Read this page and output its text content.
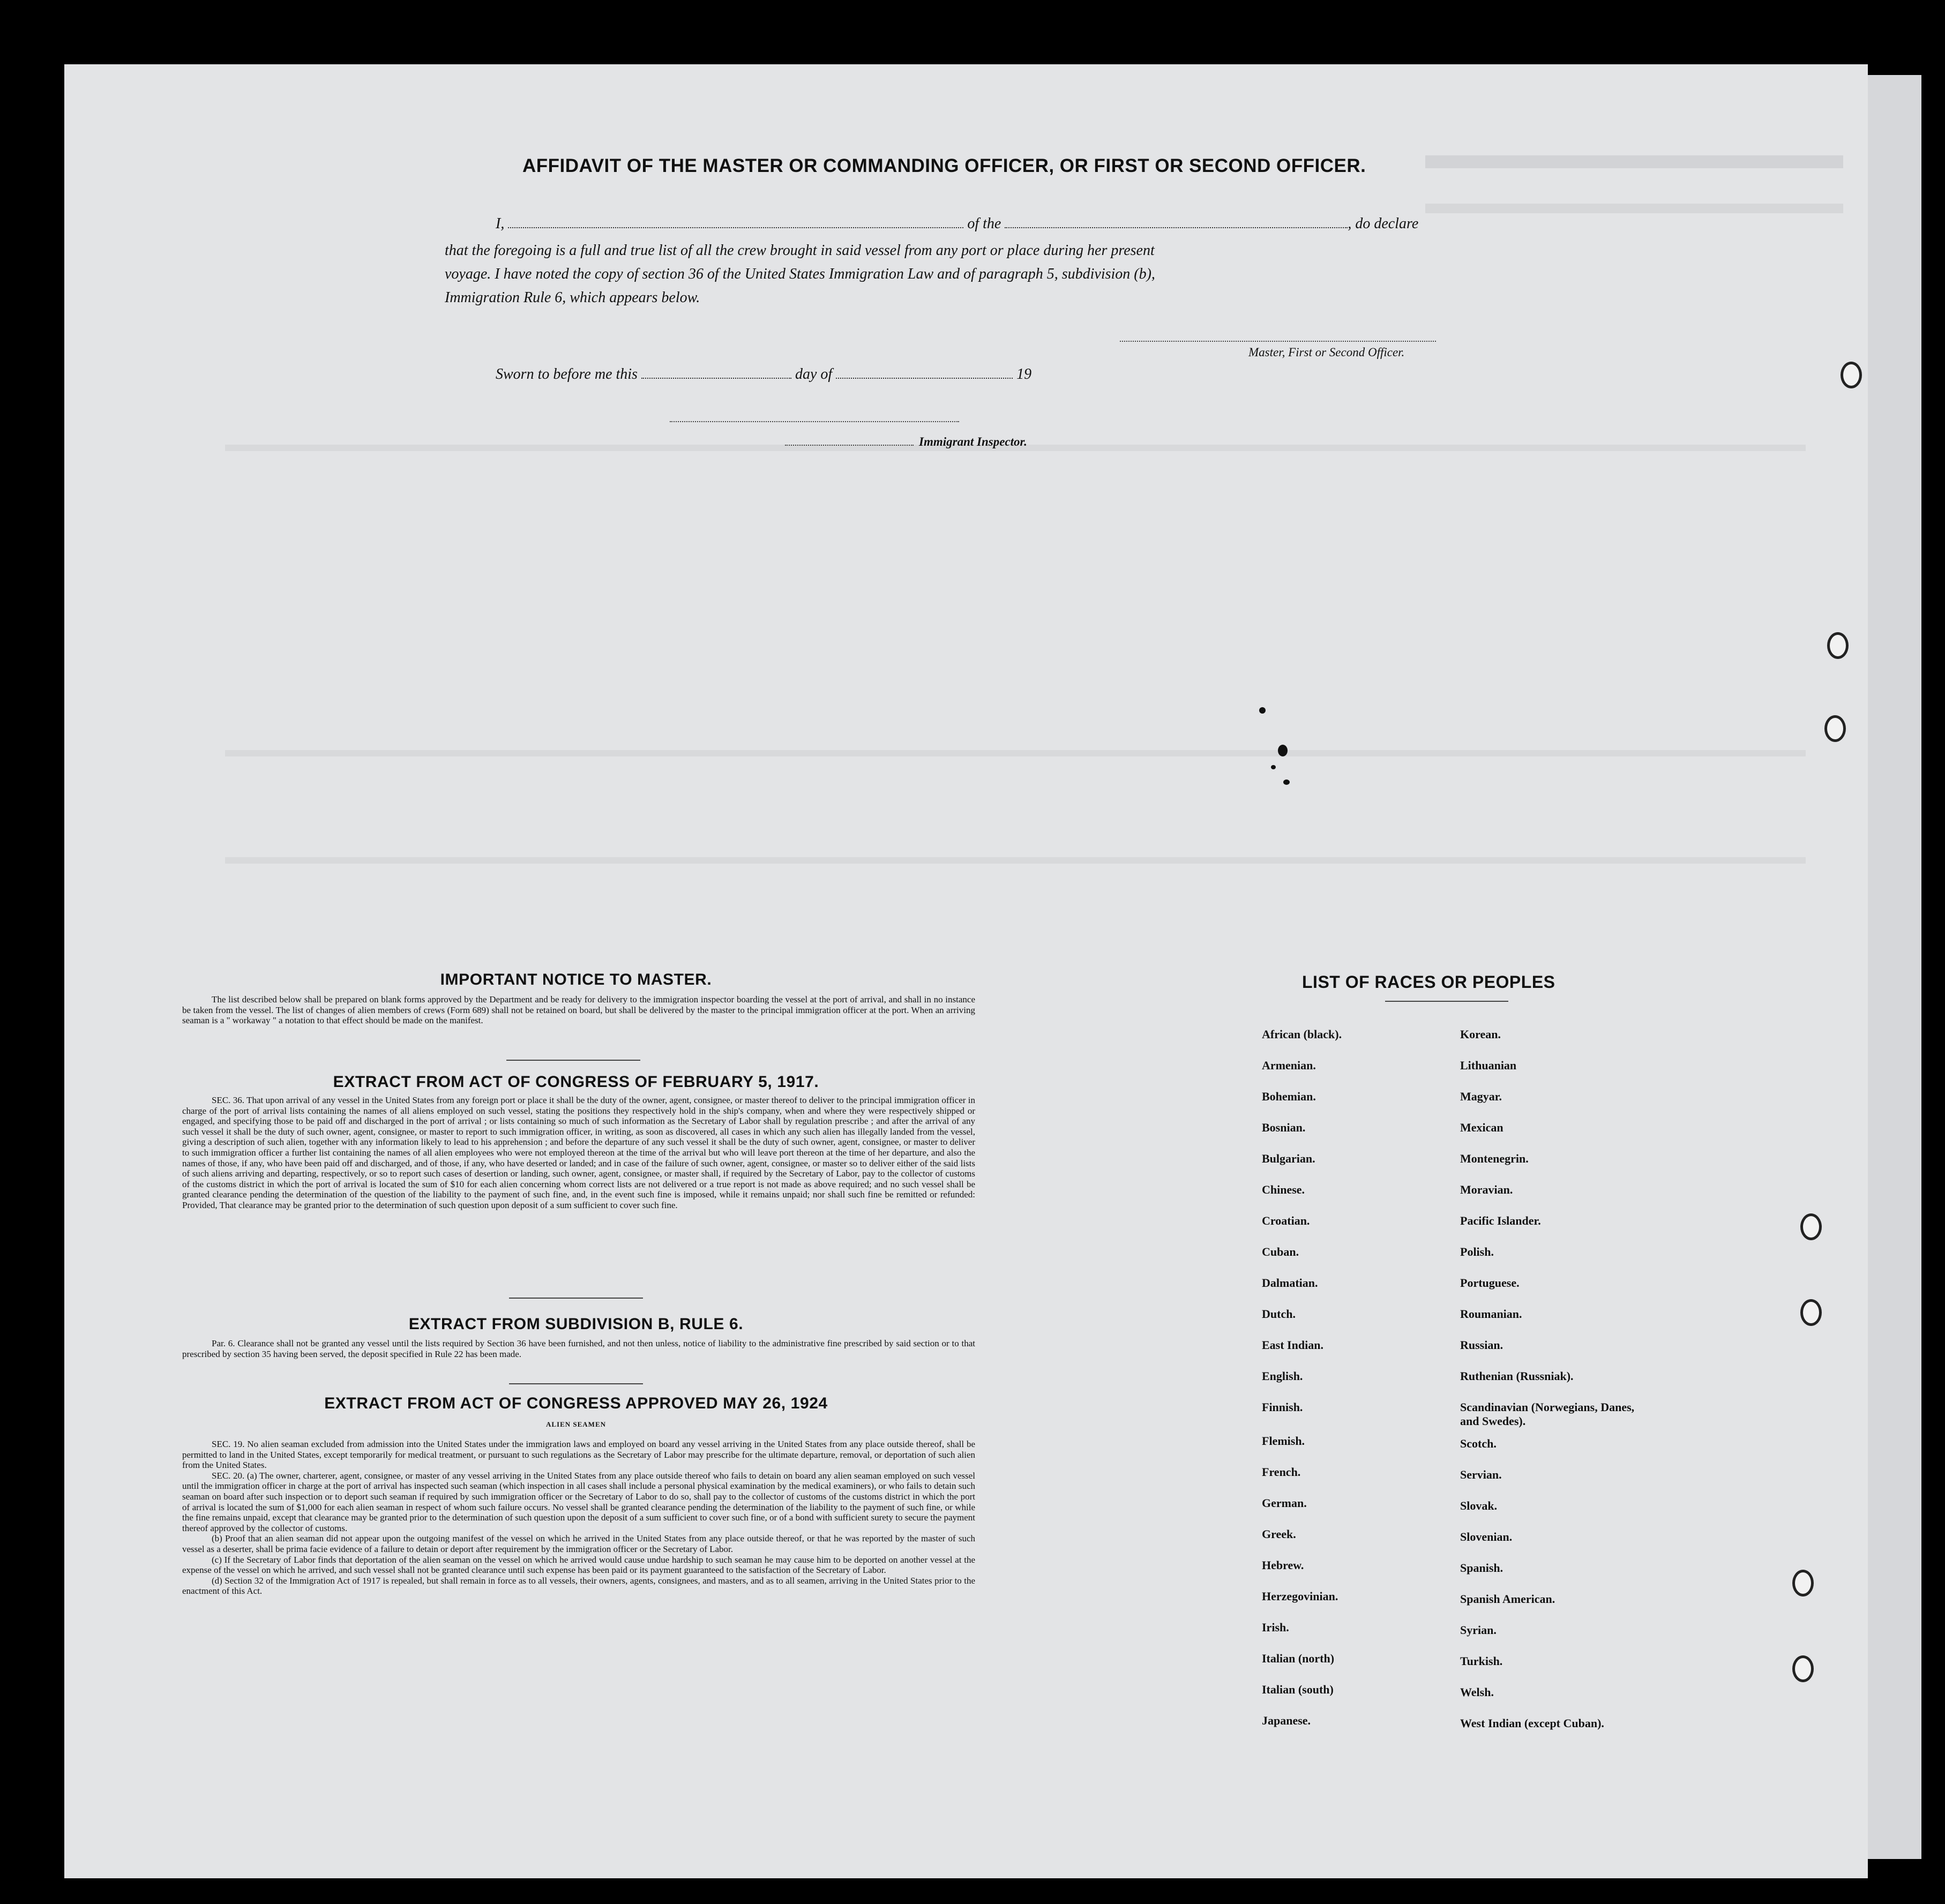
AFFIDAVIT OF THE MASTER OR COMMANDING OFFICER, OR FIRST OR SECOND OFFICER.
I,	of the	, do declare
that the foregoing is a full and true list of all the crew brought in said vessel from any port or place during her present
voyage. I have noted the copy of section 36 of the United States Immigration Law and of paragraph 5, subdivision (b),
Immigration Rule 6, which appears below.
Master, First or Second Officer.
Sworn to before me this	day of	19
Immigrant Inspector.
IMPORTANT NOTICE TO MASTER.
The list described below shall be prepared on blank forms approved by the Department and be ready for delivery to the immigration inspector boarding the vessel at the port of arrival, and shall in no instance be taken from the vessel. The list of changes of alien members of crews (Form 689) shall not be retained on board, but shall be delivered by the master to the principal immigration officer at the port. When an arriving seaman is a " workaway " a notation to that effect should be made on the manifest.
EXTRACT FROM ACT OF CONGRESS OF FEBRUARY 5, 1917.
SEC. 36. That upon arrival of any vessel in the United States from any foreign port or place it shall be the duty of the owner, agent, consignee, or master thereof to deliver to the principal immigration officer in charge of the port of arrival lists containing the names of all aliens employed on such vessel, stating the positions they respectively hold in the ship's company, when and where they were respectively shipped or engaged, and specifying those to be paid off and discharged in the port of arrival ; or lists containing so much of such information as the Secretary of Labor shall by regulation prescribe ; and after the arrival of any such vessel it shall be the duty of such owner, agent, consignee, or master to report to such immigration officer, in writing, as soon as discovered, all cases in which any such alien has illegally landed from the vessel, giving a description of such alien, together with any information likely to lead to his apprehension ; and before the departure of any such vessel it shall be the duty of such owner, agent, consignee, or master to deliver to such immigration officer a further list containing the names of all alien employees who were not employed thereon at the time of the arrival but who will leave port thereon at the time of her departure, and also the names of those, if any, who have been paid off and discharged, and of those, if any, who have deserted or landed; and in case of the failure of such owner, agent, consignee, or master so to deliver either of the said lists of such aliens arriving and departing, respectively, or so to report such cases of desertion or landing, such owner, agent, consignee, or master shall, if required by the Secretary of Labor, pay to the collector of customs of the customs district in which the port of arrival is located the sum of $10 for each alien concerning whom correct lists are not delivered or a true report is not made as above required; and no such vessel shall be granted clearance pending the determination of the question of the liability to the payment of such fine, and, in the event such fine is imposed, while it remains unpaid; nor shall such fine be remitted or refunded: Provided, That clearance may be granted prior to the determination of such question upon deposit of a sum sufficient to cover such fine.
EXTRACT FROM SUBDIVISION B, RULE 6.
Par. 6. Clearance shall not be granted any vessel until the lists required by Section 36 have been furnished, and not then unless, notice of liability to the administrative fine prescribed by said section or to that prescribed by section 35 having been served, the deposit specified in Rule 22 has been made.
EXTRACT FROM ACT OF CONGRESS APPROVED MAY 26, 1924
ALIEN SEAMEN
SEC. 19. No alien seaman excluded from admission into the United States under the immigration laws and employed on board any vessel arriving in the United States from any place outside thereof, shall be permitted to land in the United States, except temporarily for medical treatment, or pursuant to such regulations as the Secretary of Labor may prescribe for the ultimate departure, removal, or deportation of such alien from the United States.
SEC. 20. (a) The owner, charterer, agent, consignee, or master of any vessel arriving in the United States from any place outside thereof who fails to detain on board any alien seaman employed on such vessel until the immigration officer in charge at the port of arrival has inspected such seaman (which inspection in all cases shall include a personal physical examination by the medical examiners), or who fails to detain such seaman on board after such inspection or to deport such seaman if required by such immigration officer or the Secretary of Labor to do so, shall pay to the collector of customs of the customs district in which the port of arrival is located the sum of $1,000 for each alien seaman in respect of whom such failure occurs. No vessel shall be granted clearance pending the determination of the liability to the payment of such fine, or while the fine remains unpaid, except that clearance may be granted prior to the determination of such question upon the deposit of a sum sufficient to cover such fine, or of a bond with sufficient surety to secure the payment thereof approved by the collector of customs.
(b) Proof that an alien seaman did not appear upon the outgoing manifest of the vessel on which he arrived in the United States from any place outside thereof, or that he was reported by the master of such vessel as a deserter, shall be prima facie evidence of a failure to detain or deport after requirement by the immigration officer or the Secretary of Labor.
(c) If the Secretary of Labor finds that deportation of the alien seaman on the vessel on which he arrived would cause undue hardship to such seaman he may cause him to be deported on another vessel at the expense of the vessel on which he arrived, and such vessel shall not be granted clearance until such expense has been paid or its payment guaranteed to the satisfaction of the Secretary of Labor.
(d) Section 32 of the Immigration Act of 1917 is repealed, but shall remain in force as to all vessels, their owners, agents, consignees, and masters, and as to all seamen, arriving in the United States prior to the enactment of this Act.
LIST OF RACES OR PEOPLES
African (black).
Armenian.
Bohemian.
Bosnian.
Bulgarian.
Chinese.
Croatian.
Cuban.
Dalmatian.
Dutch.
East Indian.
English.
Finnish.
Flemish.
French.
German.
Greek.
Hebrew.
Herzegovinian.
Irish.
Italian (north)
Italian (south)
Japanese.
Korean.
Lithuanian
Magyar.
Mexican
Montenegrin.
Moravian.
Pacific Islander.
Polish.
Portuguese.
Roumanian.
Russian.
Ruthenian (Russniak).
Scandinavian (Norwegians, Danes, and Swedes).
Scotch.
Servian.
Slovak.
Slovenian.
Spanish.
Spanish American.
Syrian.
Turkish.
Welsh.
West Indian (except Cuban).
